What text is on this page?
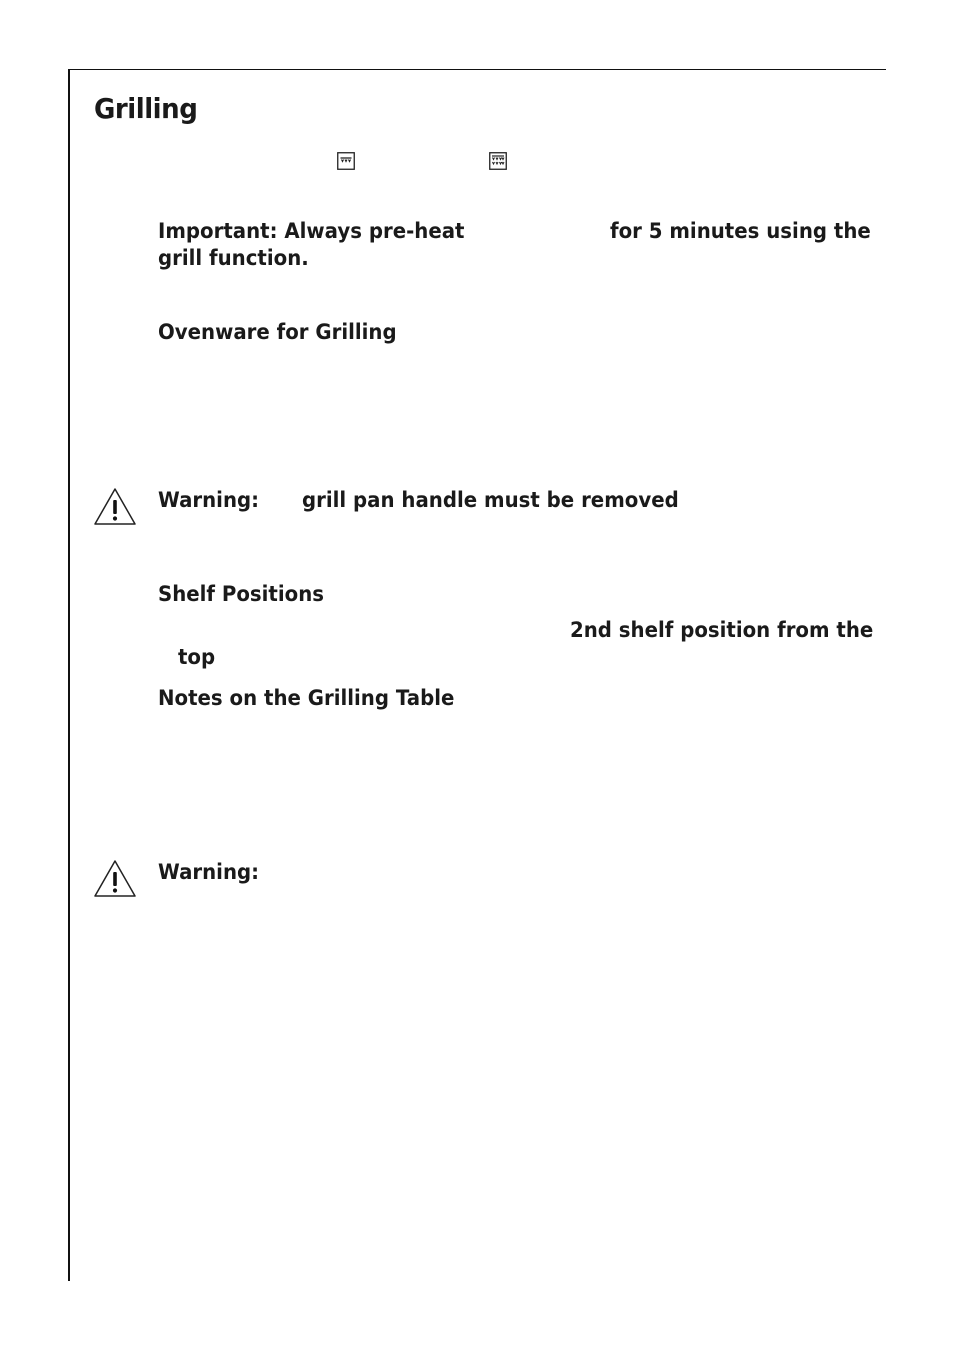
Grilling
Important: Always pre-heat	for 5 minutes using the
grill function.
Ovenware for Grilling
Warning: grill pan handle must be removed
Shelf Positions
2nd shelf position from the
top
Notes on the Grilling Table
Warning:
